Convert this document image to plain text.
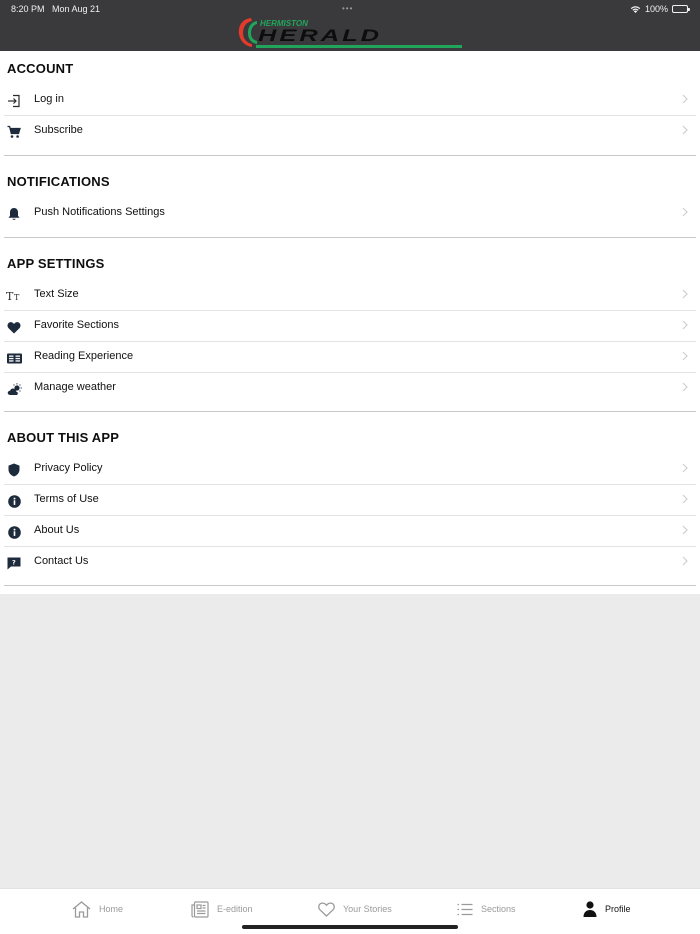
8:20 PM Mon Aug 21	•••	100%
HERMISTON
HERALD
ACCOUNT
Log in
Subscribe
NOTIFICATIONS
Push Notifications Settings
APP SETTINGS
T T Text Size
Favorite Sections
Reading Experience
Manage weather
ABOUT THIS APP
Privacy Policy
Terms of Use
About Us
? Contact Us
Home	E-edition	Your Stories	Sections	Profile
